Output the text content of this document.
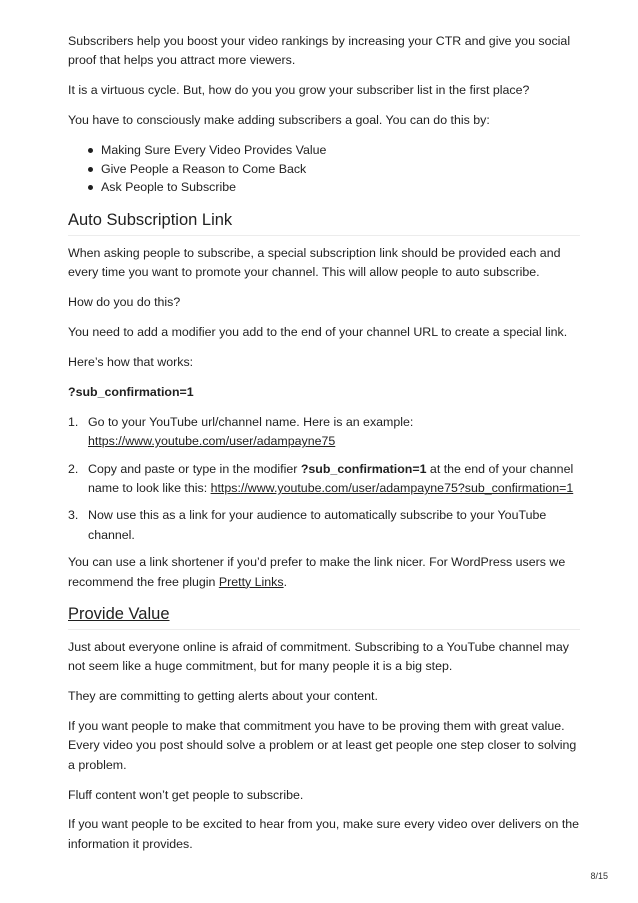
Subscribers help you boost your video rankings by increasing your CTR and give you social proof that helps you attract more viewers.

It is a virtuous cycle. But, how do you you grow your subscriber list in the first place?

You have to consciously make adding subscribers a goal. You can do this by:

Making Sure Every Video Provides Value
Give People a Reason to Come Back
Ask People to Subscribe
Auto Subscription Link

When asking people to subscribe, a special subscription link should be provided each and every time you want to promote your channel. This will allow people to auto subscribe.

How do you do this?

You need to add a modifier you add to the end of your channel URL to create a special link.

Here’s how that works:

?sub_confirmation=1

1. Go to your YouTube url/channel name. Here is an example: https://www.youtube.com/user/adampayne75
2. Copy and paste or type in the modifier ?sub_confirmation=1 at the end of your channel name to look like this: https://www.youtube.com/user/adampayne75?sub_confirmation=1
3. Now use this as a link for your audience to automatically subscribe to your YouTube channel.

You can use a link shortener if you’d prefer to make the link nicer. For WordPress users we recommend the free plugin Pretty Links.

Provide Value

Just about everyone online is afraid of commitment. Subscribing to a YouTube channel may not seem like a huge commitment, but for many people it is a big step.

They are committing to getting alerts about your content.

If you want people to make that commitment you have to be proving them with great value. Every video you post should solve a problem or at least get people one step closer to solving a problem.

Fluff content won’t get people to subscribe.

If you want people to be excited to hear from you, make sure every video over delivers on the information it provides.

8/15
